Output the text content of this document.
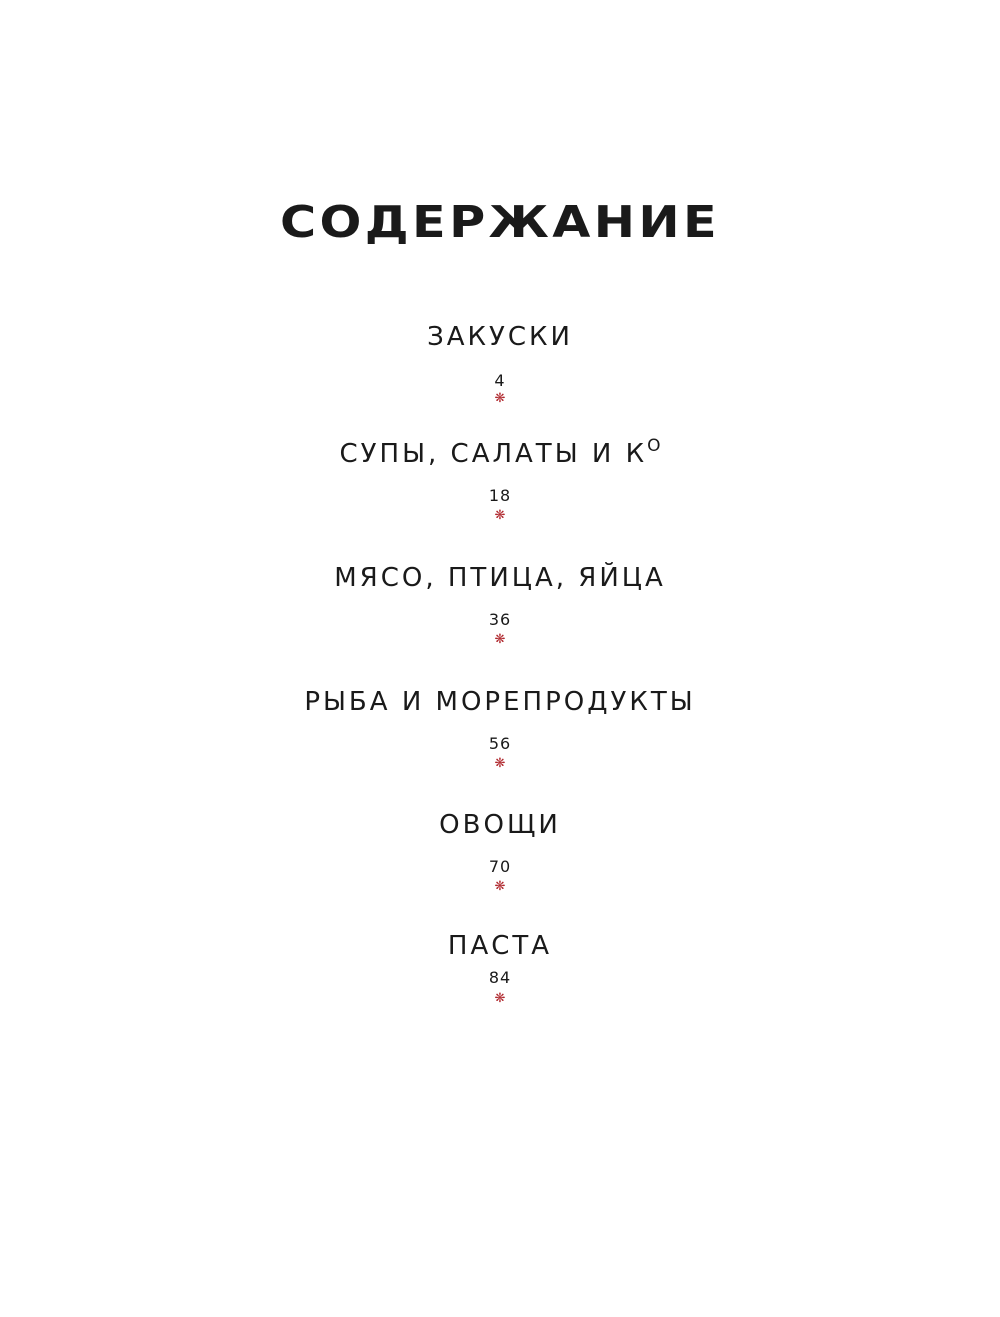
СОДЕРЖАНИЕ
ЗАКУСКИ
4
❋
СУПЫ, САЛАТЫ И $К^О$
18
❋
МЯСО, ПТИЦА, ЯЙЦА
36
❋
РЫБА И МОРЕПРОДУКТЫ
56
❋
ОВОЩИ
70
❋
ПАСТА
84
❋
